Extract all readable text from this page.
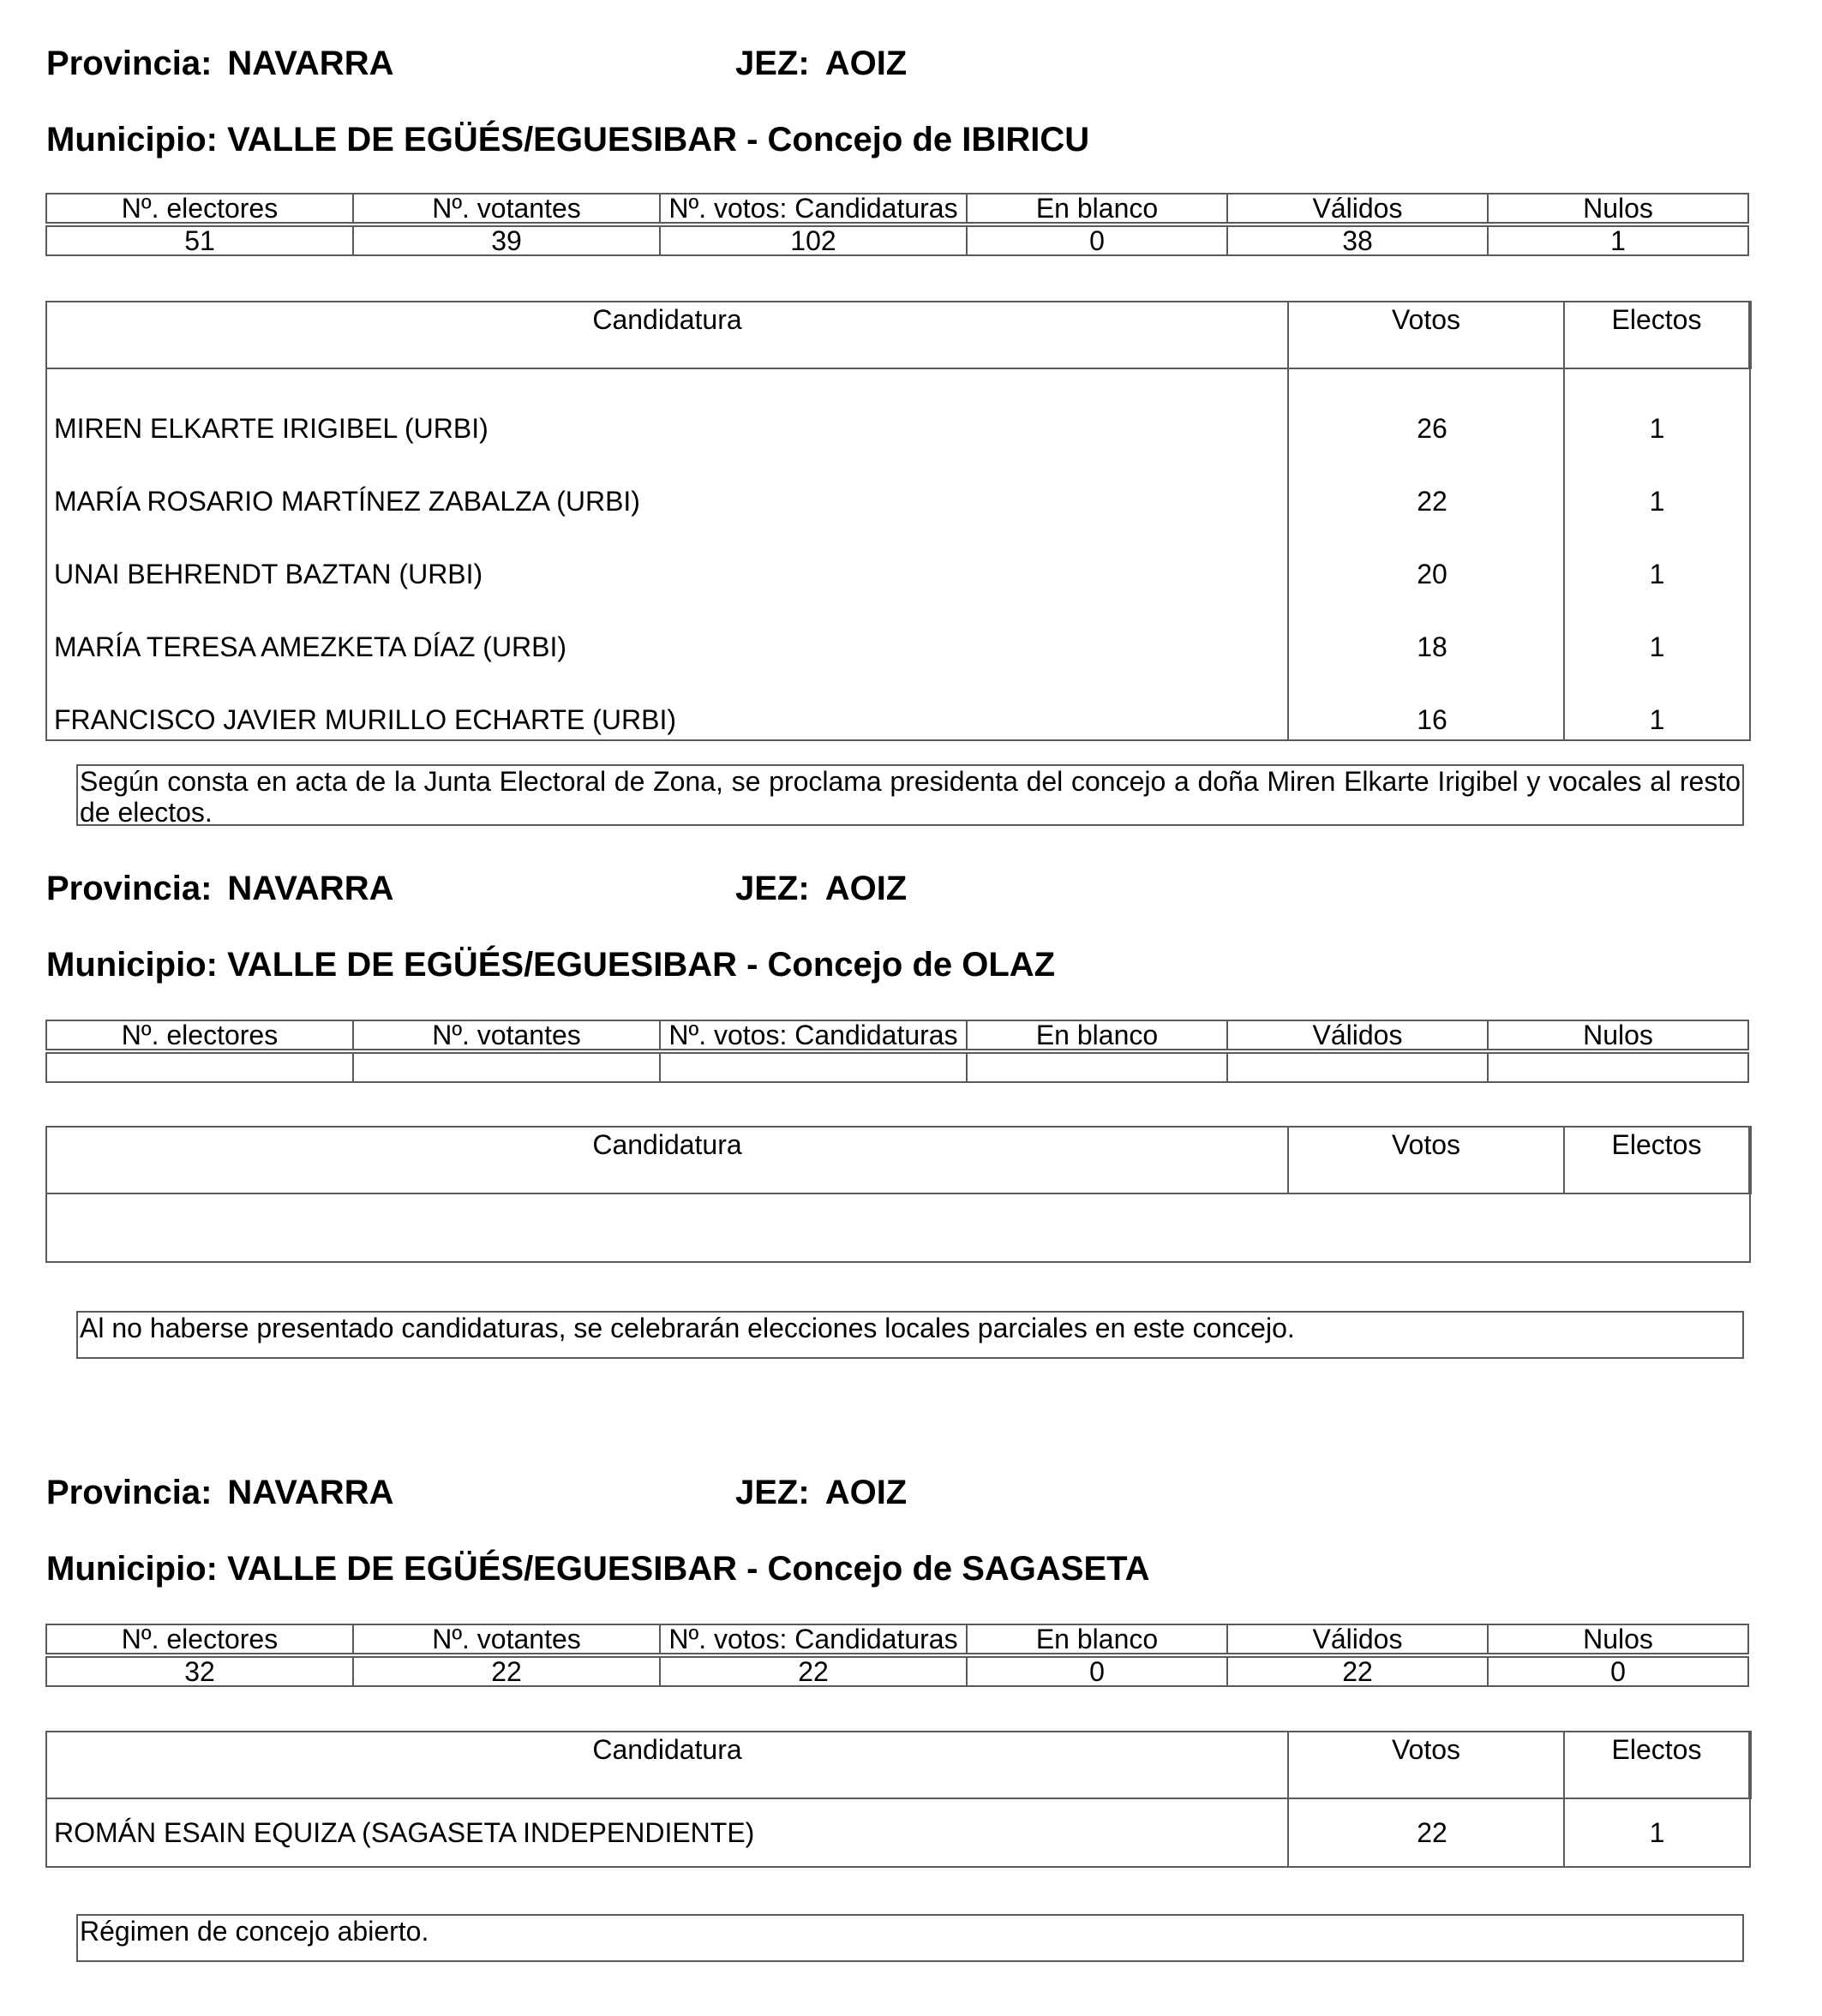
Provincia: NAVARRA	JEZ: AOIZ
Municipio: VALLE DE EGÜÉS/EGUESIBAR - Concejo de IBIRICU
Nº. electores	Nº. votantes	Nº. votos: Candidaturas	En blanco	Válidos	Nulos

51	39	102	0	38	1
Candidatura	Votos	Electos
MIREN ELKARTE IRIGIBEL (URBI)	26	1
MARÍA ROSARIO MARTÍNEZ ZABALZA (URBI)	22	1
UNAI BEHRENDT BAZTAN (URBI)	20	1
MARÍA TERESA AMEZKETA DÍAZ (URBI)	18	1
FRANCISCO JAVIER MURILLO ECHARTE (URBI)	16	1
Según consta en acta de la Junta Electoral de Zona, se proclama presidenta del concejo a doña Miren Elkarte Irigibel y vocales al resto de electos.
Provincia: NAVARRA	JEZ: AOIZ
Municipio: VALLE DE EGÜÉS/EGUESIBAR - Concejo de OLAZ
Nº. electores	Nº. votantes	Nº. votos: Candidaturas	En blanco	Válidos	Nulos

Candidatura	Votos	Electos

Al no haberse presentado candidaturas, se celebrarán elecciones locales parciales en este concejo.
Provincia: NAVARRA	JEZ: AOIZ
Municipio: VALLE DE EGÜÉS/EGUESIBAR - Concejo de SAGASETA
Nº. electores	Nº. votantes	Nº. votos: Candidaturas	En blanco	Válidos	Nulos

32	22	22	0	22	0
Candidatura	Votos	Electos
ROMÁN ESAIN EQUIZA (SAGASETA INDEPENDIENTE)	22	1
Régimen de concejo abierto.
